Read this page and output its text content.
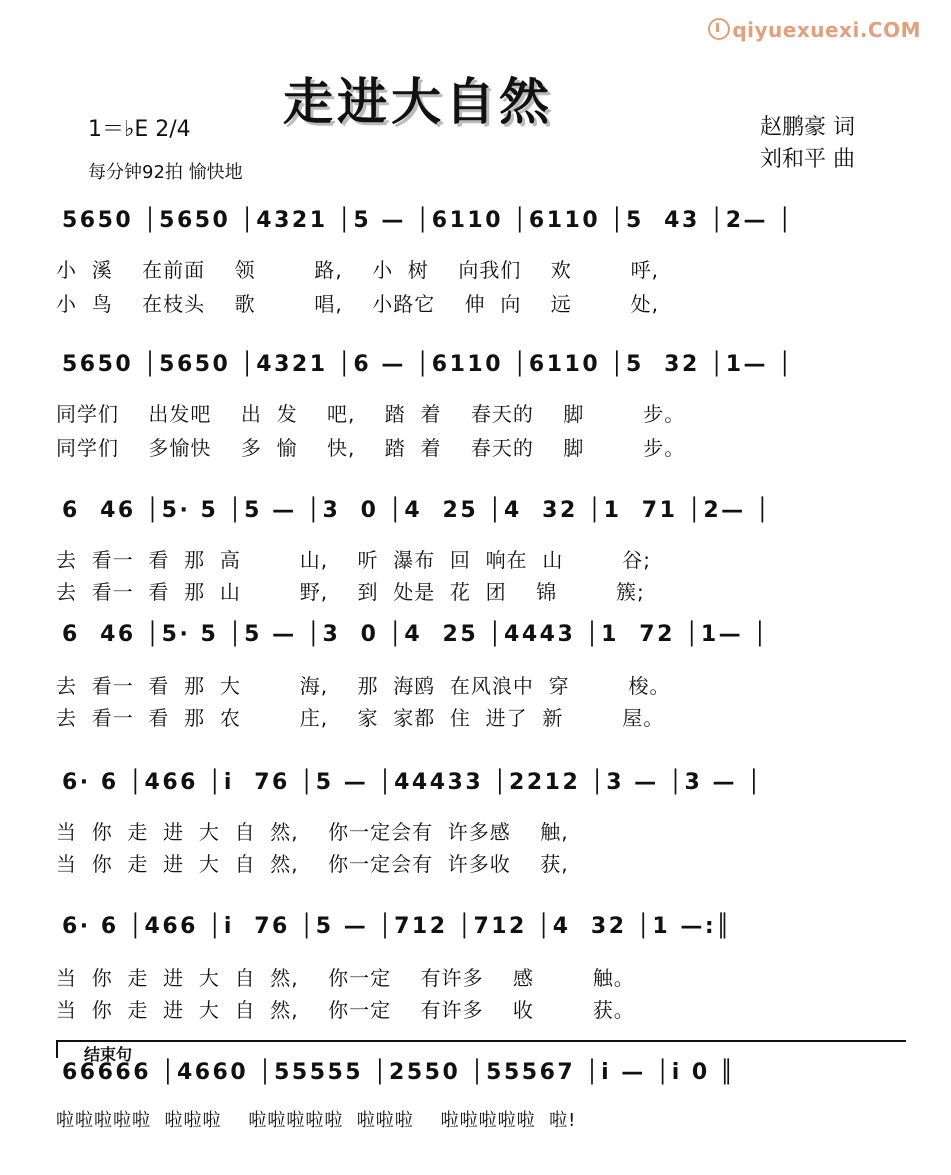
qiyuexuexi.COM
走进大自然
1＝♭E 2/4
每分钟92拍 愉快地
赵鹏豪 词
刘和平 曲
5650 │5650 │4321 │5 — │6110 │6110 │5  43 │2— │
小  溪    在前面    领        路,    小  树    向我们    欢        呼,
小  鸟    在枝头    歌        唱,    小路它    伸  向    远        处,
5650 │5650 │4321 │6 — │6110 │6110 │5  32 │1— │
同学们    出发吧    出  发    吧,    踏  着    春天的    脚        步。
同学们    多愉快    多  愉    快,    踏  着    春天的    脚        步。
6  46 │5· 5 │5 — │3  0 │4  25 │4  32 │1  71 │2— │
去  看一  看  那  高        山,    听  瀑布  回  响在  山        谷;
去  看一  看  那  山        野,    到  处是  花  团    锦        簇;
6  46 │5· 5 │5 — │3  0 │4  25 │4443 │1  72 │1— │
去  看一  看  那  大        海,    那  海鸥  在风浪中  穿        梭。
去  看一  看  那  农        庄,    家  家都  住  进了  新        屋。
6· 6 │466 │i  76 │5 — │44433 │2212 │3 — │3 — │
当  你  走  进  大  自  然,    你一定会有  许多感    触,
当  你  走  进  大  自  然,    你一定会有  许多收    获,
6· 6 │466 │i  76 │5 — │712 │712 │4  32 │1 —:║
当  你  走  进  大  自  然,    你一定    有许多    感        触。
当  你  走  进  大  自  然,    你一定    有许多    收        获。
结束句
66666 │4660 │55555 │2550 │55567 │i — │i 0 ║
啦啦啦啦啦  啦啦啦    啦啦啦啦啦  啦啦啦    啦啦啦啦啦  啦!
